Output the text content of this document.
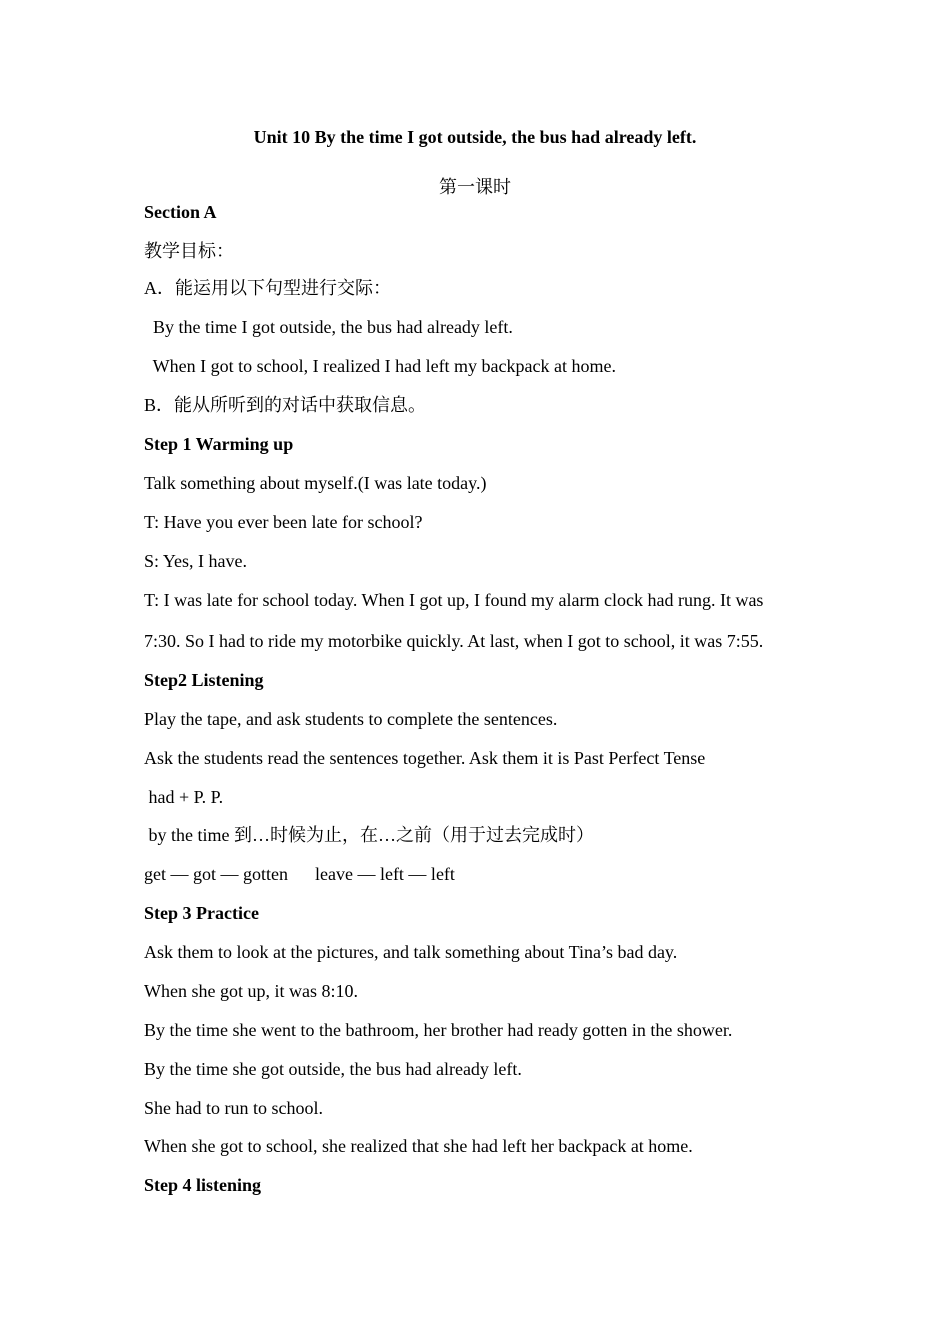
Unit 10 By the time I got outside, the bus had already left.
第一课时
Section A
教学目标：
A．能运用以下句型进行交际：
By the time I got outside, the bus had already left.
When I got to school, I realized I had left my backpack at home.
B．能从所听到的对话中获取信息。
Step 1 Warming up
Talk something about myself.(I was late today.)
T: Have you ever been late for school?
S: Yes, I have.
T: I was late for school today. When I got up, I found my alarm clock had rung. It was
7:30. So I had to ride my motorbike quickly. At last, when I got to school, it was 7:55.
Step2 Listening
Play the tape, and ask students to complete the sentences.
Ask the students read the sentences together. Ask them it is Past Perfect Tense
had + P. P.
by the time 到…时候为止，在…之前（用于过去完成时）
get — got — gotten      leave — left — left
Step 3 Practice
Ask them to look at the pictures, and talk something about Tina’s bad day.
When she got up, it was 8:10.
By the time she went to the bathroom, her brother had ready gotten in the shower.
By the time she got outside, the bus had already left.
She had to run to school.
When she got to school, she realized that she had left her backpack at home.
Step 4 listening
